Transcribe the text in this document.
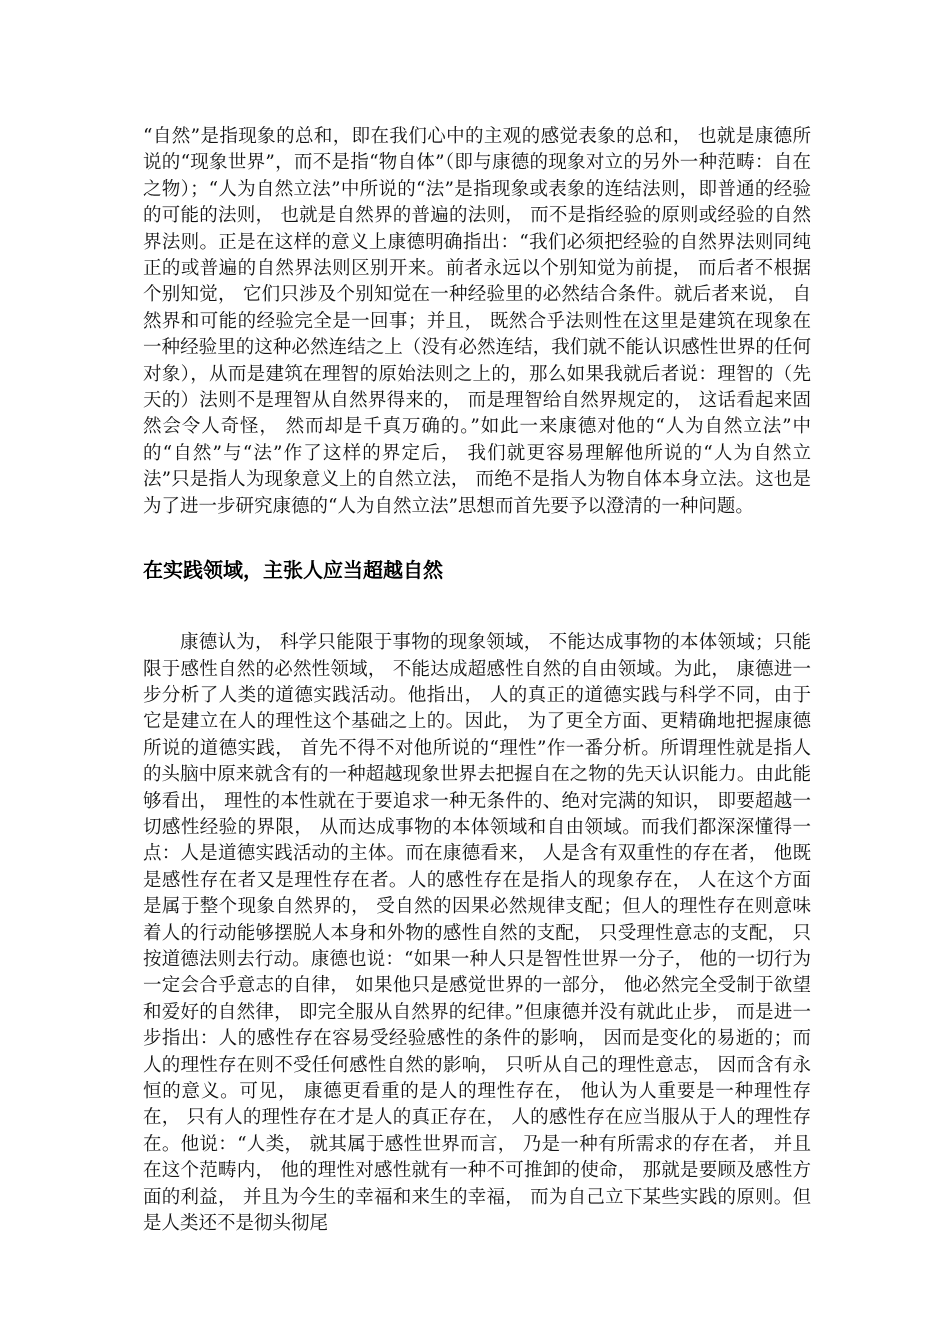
“自然”是指现象的总和，即在我们心中的主观的感觉表象的总和， 也就是康德所说的“现象世界”，而不是指“物自体”（即与康德的现象对立的另外一种范畴：自在之物）；“人为自然立法”中所说的“法”是指现象或表象的连结法则，即普通的经验的可能的法则， 也就是自然界的普遍的法则， 而不是指经验的原则或经验的自然界法则。正是在这样的意义上康德明确指出：“我们必须把经验的自然界法则同纯正的或普遍的自然界法则区别开来。前者永远以个别知觉为前提， 而后者不根据个别知觉， 它们只涉及个别知觉在一种经验里的必然结合条件。就后者来说， 自然界和可能的经验完全是一回事；并且， 既然合乎法则性在这里是建筑在现象在一种经验里的这种必然连结之上（没有必然连结，我们就不能认识感性世界的任何对象），从而是建筑在理智的原始法则之上的，那么如果我就后者说：理智的（先天的）法则不是理智从自然界得来的， 而是理智给自然界规定的， 这话看起来固然会令人奇怪， 然而却是千真万确的。”如此一来康德对他的“人为自然立法”中的“自然”与“法”作了这样的界定后， 我们就更容易理解他所说的“人为自然立法”只是指人为现象意义上的自然立法， 而绝不是指人为物自体本身立法。这也是为了进一步研究康德的“人为自然立法”思想而首先要予以澄清的一种问题。

在实践领域，主张人应当超越自然

康德认为， 科学只能限于事物的现象领域， 不能达成事物的本体领域；只能限于感性自然的必然性领域， 不能达成超感性自然的自由领域。为此， 康德进一步分析了人类的道德实践活动。他指出， 人的真正的道德实践与科学不同，由于它是建立在人的理性这个基础之上的。因此， 为了更全方面、更精确地把握康德所说的道德实践， 首先不得不对他所说的“理性”作一番分析。所谓理性就是指人的头脑中原来就含有的一种超越现象世界去把握自在之物的先天认识能力。由此能够看出， 理性的本性就在于要追求一种无条件的、绝对完满的知识， 即要超越一切感性经验的界限， 从而达成事物的本体领域和自由领域。而我们都深深懂得一点：人是道德实践活动的主体。而在康德看来， 人是含有双重性的存在者， 他既是感性存在者又是理性存在者。人的感性存在是指人的现象存在， 人在这个方面是属于整个现象自然界的， 受自然的因果必然规律支配；但人的理性存在则意味着人的行动能够摆脱人本身和外物的感性自然的支配， 只受理性意志的支配， 只按道德法则去行动。康德也说：“如果一种人只是智性世界一分子， 他的一切行为一定会合乎意志的自律， 如果他只是感觉世界的一部分， 他必然完全受制于欲望和爱好的自然律， 即完全服从自然界的纪律。”但康德并没有就此止步， 而是进一步指出：人的感性存在容易受经验感性的条件的影响， 因而是变化的易逝的；而人的理性存在则不受任何感性自然的影响， 只听从自己的理性意志， 因而含有永恒的意义。可见， 康德更看重的是人的理性存在， 他认为人重要是一种理性存在， 只有人的理性存在才是人的真正存在， 人的感性存在应当服从于人的理性存在。他说：“人类， 就其属于感性世界而言， 乃是一种有所需求的存在者， 并且在这个范畴内， 他的理性对感性就有一种不可推卸的使命， 那就是要顾及感性方面的利益， 并且为今生的幸福和来生的幸福， 而为自己立下某些实践的原则。但是人类还不是彻头彻尾
